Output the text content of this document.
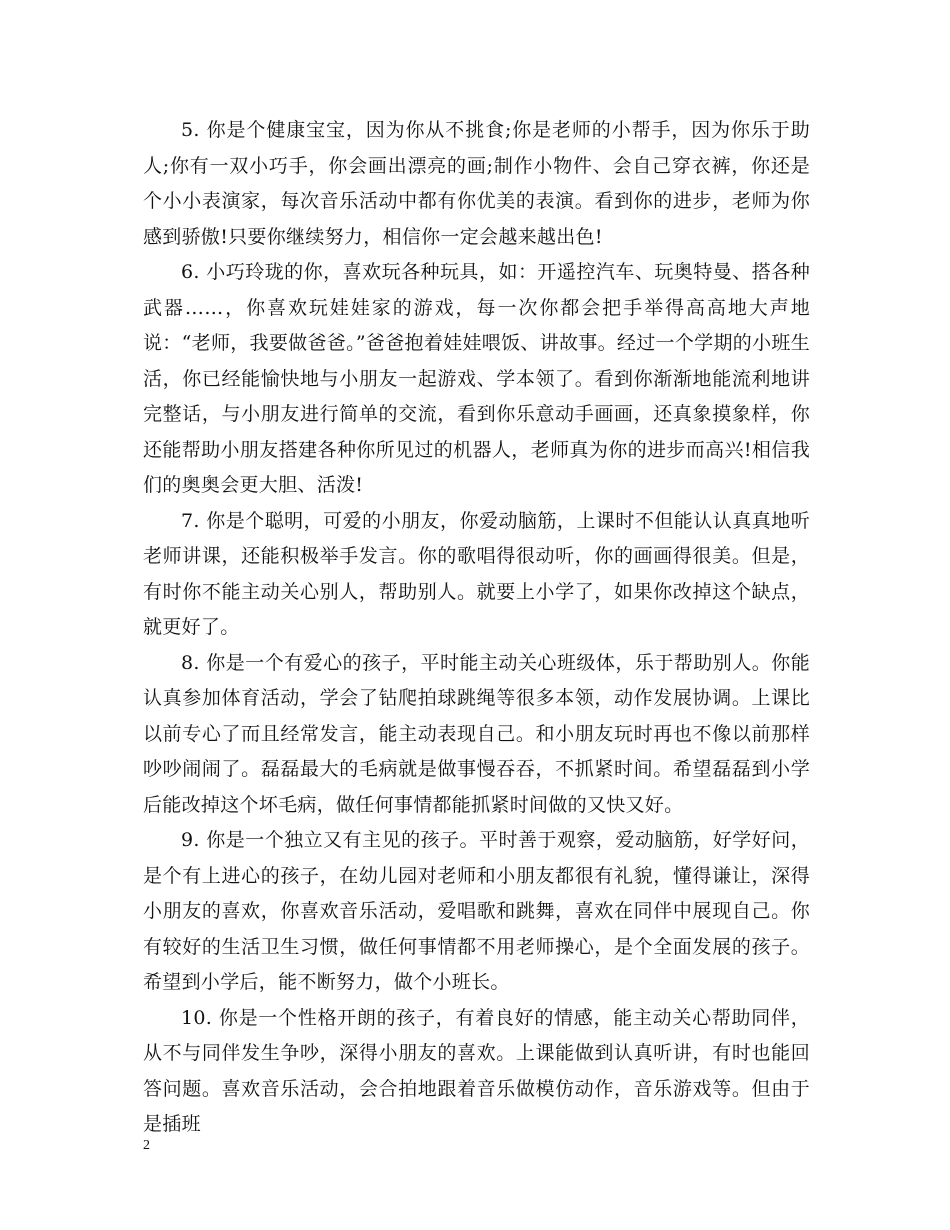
5. 你是个健康宝宝，因为你从不挑食;你是老师的小帮手，因为你乐于助人;你有一双小巧手，你会画出漂亮的画;制作小物件、会自己穿衣裤，你还是个小小表演家，每次音乐活动中都有你优美的表演。看到你的进步，老师为你感到骄傲!只要你继续努力，相信你一定会越来越出色!

6. 小巧玲珑的你，喜欢玩各种玩具，如：开遥控汽车、玩奥特曼、搭各种武器……，你喜欢玩娃娃家的游戏，每一次你都会把手举得高高地大声地说：“老师，我要做爸爸。”爸爸抱着娃娃喂饭、讲故事。经过一个学期的小班生活，你已经能愉快地与小朋友一起游戏、学本领了。看到你渐渐地能流利地讲完整话，与小朋友进行简单的交流，看到你乐意动手画画，还真象摸象样，你还能帮助小朋友搭建各种你所见过的机器人，老师真为你的进步而高兴!相信我们的奥奥会更大胆、活泼!

7. 你是个聪明，可爱的小朋友，你爱动脑筋，上课时不但能认认真真地听老师讲课，还能积极举手发言。你的歌唱得很动听，你的画画得很美。但是，有时你不能主动关心别人，帮助别人。就要上小学了，如果你改掉这个缺点，就更好了。

8. 你是一个有爱心的孩子，平时能主动关心班级体，乐于帮助别人。你能认真参加体育活动，学会了钻爬拍球跳绳等很多本领，动作发展协调。上课比以前专心了而且经常发言，能主动表现自己。和小朋友玩时再也不像以前那样吵吵闹闹了。磊磊最大的毛病就是做事慢吞吞，不抓紧时间。希望磊磊到小学后能改掉这个坏毛病，做任何事情都能抓紧时间做的又快又好。

9. 你是一个独立又有主见的孩子。平时善于观察，爱动脑筋，好学好问，是个有上进心的孩子，在幼儿园对老师和小朋友都很有礼貌，懂得谦让，深得小朋友的喜欢，你喜欢音乐活动，爱唱歌和跳舞，喜欢在同伴中展现自己。你有较好的生活卫生习惯，做任何事情都不用老师操心，是个全面发展的孩子。希望到小学后，能不断努力，做个小班长。

10. 你是一个性格开朗的孩子，有着良好的情感，能主动关心帮助同伴，从不与同伴发生争吵，深得小朋友的喜欢。上课能做到认真听讲，有时也能回答问题。喜欢音乐活动，会合拍地跟着音乐做模仿动作，音乐游戏等。但由于是插班

2
